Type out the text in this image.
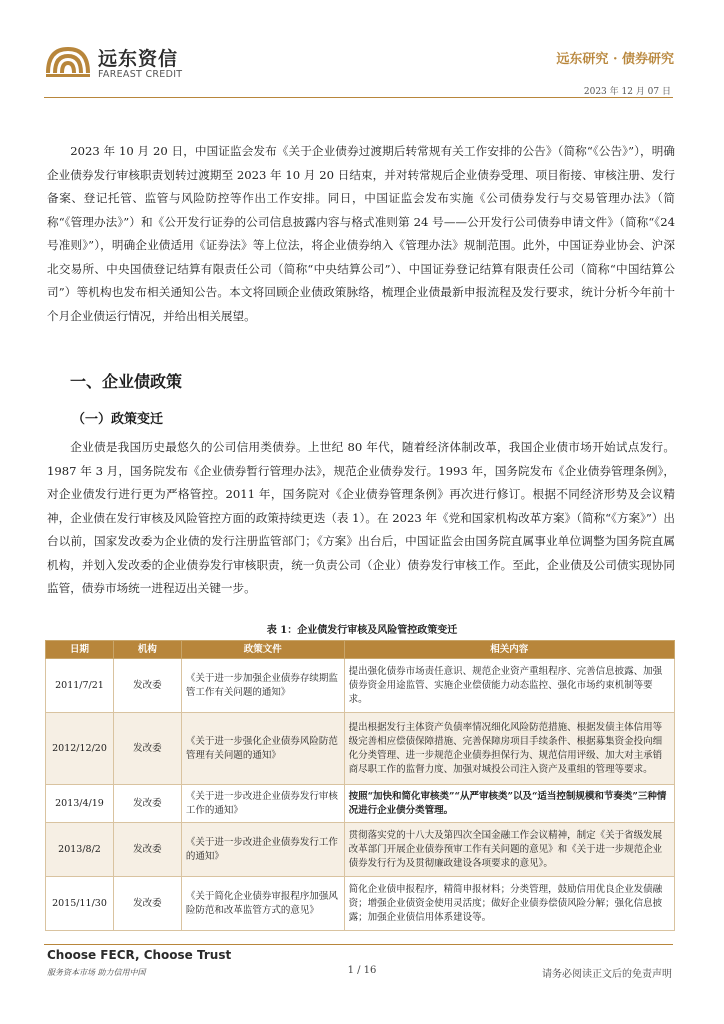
远东资信
FAREAST CREDIT
远东研究 · 债券研究
2023 年 12 月 07 日

2023 年 10 月 20 日，中国证监会发布《关于企业债券过渡期后转常规有关工作安排的公告》（简称“《公告》”），明确企业债券发行审核职责划转过渡期至 2023 年 10 月 20 日结束，并对转常规后企业债券受理、项目衔接、审核注册、发行备案、登记托管、监管与风险防控等作出工作安排。同日，中国证监会发布实施《公司债券发行与交易管理办法》（简称“《管理办法》”）和《公开发行证券的公司信息披露内容与格式准则第 24 号——公开发行公司债券申请文件》（简称“《24 号准则》”），明确企业债适用《证券法》等上位法，将企业债券纳入《管理办法》规制范围。此外，中国证券业协会、沪深北交易所、中央国债登记结算有限责任公司（简称“中央结算公司”）、中国证券登记结算有限责任公司（简称“中国结算公司”）等机构也发布相关通知公告。本文将回顾企业债政策脉络，梳理企业债最新申报流程及发行要求，统计分析今年前十个月企业债运行情况，并给出相关展望。

一、企业债政策
（一）政策变迁

企业债是我国历史最悠久的公司信用类债券。上世纪 80 年代，随着经济体制改革，我国企业债市场开始试点发行。1987 年 3 月，国务院发布《企业债券暂行管理办法》，规范企业债券发行。1993 年，国务院发布《企业债券管理条例》，对企业债发行进行更为严格管控。2011 年，国务院对《企业债券管理条例》再次进行修订。根据不同经济形势及会议精神，企业债在发行审核及风险管控方面的政策持续更迭（表 1）。在 2023 年《党和国家机构改革方案》（简称“《方案》”）出台以前，国家发改委为企业债的发行注册监管部门；《方案》出台后，中国证监会由国务院直属事业单位调整为国务院直属机构，并划入发改委的企业债券发行审核职责，统一负责公司（企业）债券发行审核工作。至此，企业债及公司债实现协同监管，债券市场统一进程迈出关键一步。

表 1：企业债发行审核及风险管控政策变迁
日期	机构	政策文件	相关内容
2011/7/21	发改委	《关于进一步加强企业债券存续期监管工作有关问题的通知》	提出强化债券市场责任意识、规范企业资产重组程序、完善信息披露、加强债券资金用途监管、实施企业偿债能力动态监控、强化市场约束机制等要求。
2012/12/20	发改委	《关于进一步强化企业债券风险防范管理有关问题的通知》	提出根据发行主体资产负债率情况细化风险防范措施、根据发债主体信用等级完善相应偿债保障措施、完善保障房项目手续条件、根据募集资金投向细化分类管理、进一步规范企业债券担保行为、规范信用评级、加大对主承销商尽职工作的监督力度、加强对城投公司注入资产及重组的管理等要求。
2013/4/19	发改委	《关于进一步改进企业债券发行审核工作的通知》	按照“加快和简化审核类”“从严审核类”以及“适当控制规模和节奏类”三种情况进行企业债分类管理。
2013/8/2	发改委	《关于进一步改进企业债券发行工作的通知》	贯彻落实党的十八大及第四次全国金融工作会议精神，制定《关于省级发展改革部门开展企业债券预审工作有关问题的意见》和《关于进一步规范企业债券发行行为及贯彻廉政建设各项要求的意见》。
2015/11/30	发改委	《关于简化企业债券审报程序加强风险防范和改革监管方式的意见》	简化企业债申报程序，精简申报材料；分类管理，鼓励信用优良企业发债融资；增强企业债资金使用灵活度；做好企业债券偿债风险分解；强化信息披露；加强企业债信用体系建设等。
Choose FECR, Choose Trust
服务资本市场 助力信用中国	1 / 16	请务必阅读正文后的免责声明
